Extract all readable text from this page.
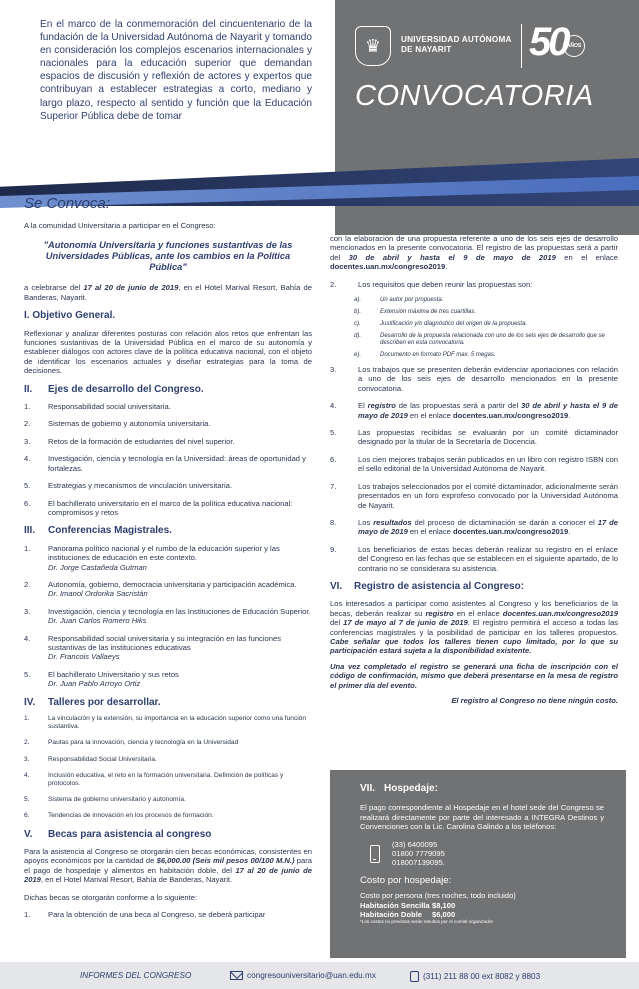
En el marco de la conmemoración del cincuentenario de la fundación de la Universidad Autónoma de Nayarit y tomando en consideración los complejos escenarios internacionales y nacionales para la educación superior que demandan espacios de discusión y reflexión de actores y expertos que contribuyan a establecer estrategias a corto, mediano y largo plazo, respecto al sentido y función que la Educación Superior Pública debe de tomar
♛	UNIVERSIDAD AUTÓNOMA
DE NAYARIT	50 AÑOS
CONVOCATORIA
Se Convoca:
A la comunidad Universitaria a participar en el Congreso:
"Autonomía Universitaria y funciones sustantivas de las Universidades Públicas, ante los cambios en la Política Pública"
a celebrarse del 17 al 20 de junio de 2019, en el Hotel Marival Resort, Bahía de Banderas, Nayarit.
I. Objetivo General.
Reflexionar y analizar diferentes posturas con relación alos retos que enfrentan las funciones sustantivas de la Universidad Pública en el marco de su autonomía y establecer diálogos con actores clave de la política educativa nacional, con el objeto de identificar los escenarios actuales y diseñar estrategias para la toma de decisiones.
II. Ejes de desarrollo del Congreso.
1.	Responsabilidad social universitaria.
2.	Sistemas de gobierno y autonomía universitaria.
3.	Retos de la formación de estudiantes del nivel superior.
4.	Investigación, ciencia y tecnología en la Universidad: áreas de oportunidad y fortalezas.
5.	Estrategias y mecanismos de vinculación universitaria.
6.	El bachillerato universitario en el marco de la política educativa nacional: compromisos y retos
III. Conferencias Magistrales.
1.	Panorama político nacional y el rumbo de la educación superior y las instituciones de educación en este contexto.
Dr. Jorge Castañeda Gutman
2.	Autonomía, gobierno, democracia universitaria y participación académica.
Dr. Imanol Ordorika Sacristán
3.	Investigación, ciencia y tecnología en las Instituciones de Educación Superior.
Dr. Juan Carlos Romero Hiks
4.	Responsabilidad social universitaria y su integración en las funciones sustantivas de las instituciones educativas
Dr. Francois Vallaeys
5.	El bachillerato Universitario y sus retos
Dr. Juan Pablo Arroyo Ortiz
IV. Talleres por desarrollar.
1.	La vinculación y la extensión, su importancia en la educación superior como una función sustantiva.
2.	Pautas para la innovación, ciencia y tecnología en la Universidad
3.	Responsabilidad Social Universitaria.
4.	Inclusión educativa, el reto en la formación universitaria. Definición de políticas y protocolos.
5.	Sistema de gobierno universitario y autonomía.
6.	Tendencias de innovación en los procesos de formación.
V. Becas para asistencia al congreso
Para la asistencia al Congreso se otorgarán cien becas económicas, consistentes en apoyos económicos por la cantidad de $6,000.00 (Seis mil pesos 00/100 M.N.) para el pago de hospedaje y alimentos en habitación doble, del 17 al 20 de junio de 2019, en el Hotel Marival Resort, Bahía de Banderas, Nayarit.
Dichas becas se otorgarán conforme a lo siguiente:
1.	Para la obtención de una beca al Congreso, se deberá participar
con la elaboración de una propuesta referente a uno de los seis ejes de desarrollo mencionados en la presente convocatoria. El registro de las propuestas será a partir del 30 de abril y hasta el 9 de mayo de 2019 en el enlace docentes.uan.mx/congreso2019.
2.	Los requisitos que deben reunir las propuestas son:
a).	Un autor por propuesta.
b).	Extensión máxima de tres cuartillas.
c).	Justificación y/o diagnóstico del origen de la propuesta.
d).	Desarrollo de la propuesta relacionada con uno de los seis ejes de desarrollo que se describen en esta convocatoria.
e).	Documento en formato PDF max. 5 megas.
3.	Los trabajos que se presenten deberán evidenciar aportaciones con relación a uno de los seis ejes de desarrollo mencionados en la presente convocatoria.
4.	El registro de las propuestas será a partir del 30 de abril y hasta el 9 de mayo de 2019 en el enlace docentes.uan.mx/congreso2019.
5.	Las propuestas recibidas se evaluarán por un comité dictaminador designado por la titular de la Secretaría de Docencia.
6.	Los cien mejores trabajos serán publicados en un libro con registro ISBN con el sello editorial de la Universidad Autónoma de Nayarit.
7.	Los trabajos seleccionados por el comité dictaminador, adicionalmente serán presentados en un foro exprofeso convocado por la Universidad Autónoma de Nayarit.
8.	Los resultados del proceso de dictaminación se darán a conocer el 17 de mayo de 2019 en el enlace docentes.uan.mx/congreso2019.
9.	Los beneficiarios de estas becas deberán realizar su registro en el enlace del Congreso en las fechas que se establecen en el siguiente apartado, de lo contrario no se considerara su asistencia.
VI. Registro de asistencia al Congreso:
Los interesados a participar como asistentes al Congreso y los beneficiarios de la becas, deberán realizar su registro en el enlace docentes.uan.mx/congreso2019 del 17 de mayo al 7 de junio de 2019. El registro permitirá el acceso a todas las conferencias magistrales y la posibilidad de participar en los talleres propuestos. Cabe señalar que todos los talleres tienen cupo limitado, por lo que su participación estará sujeta a la disponibilidad existente.
Una vez completado el registro se generará una ficha de inscripción con el código de confirmación, mismo que deberá presentarse en la mesa de registro el primer día del evento.
El registro al Congreso no tiene ningún costo.
VII. Hospedaje:
El pago correspondiente al Hospedaje en el hotel sede del Congreso se realizará directamente por parte del interesado a INTEGRA Destinos y Convenciones con la Lic. Carolina Galindo a los teléfonos:
(33) 6400095
01800 7779095
018007139095.
Costo por hospedaje:
Costo por persona (tres noches, todo incluido)
Habitación Sencilla $8,100
Habitación Doble	$6,000
*Los costos no previstos serán resultos por el comité organizador
INFORMES DEL CONGRESO	congresouniversitario@uan.edu.mx	(311) 211 88 00 ext 8082 y 8803
